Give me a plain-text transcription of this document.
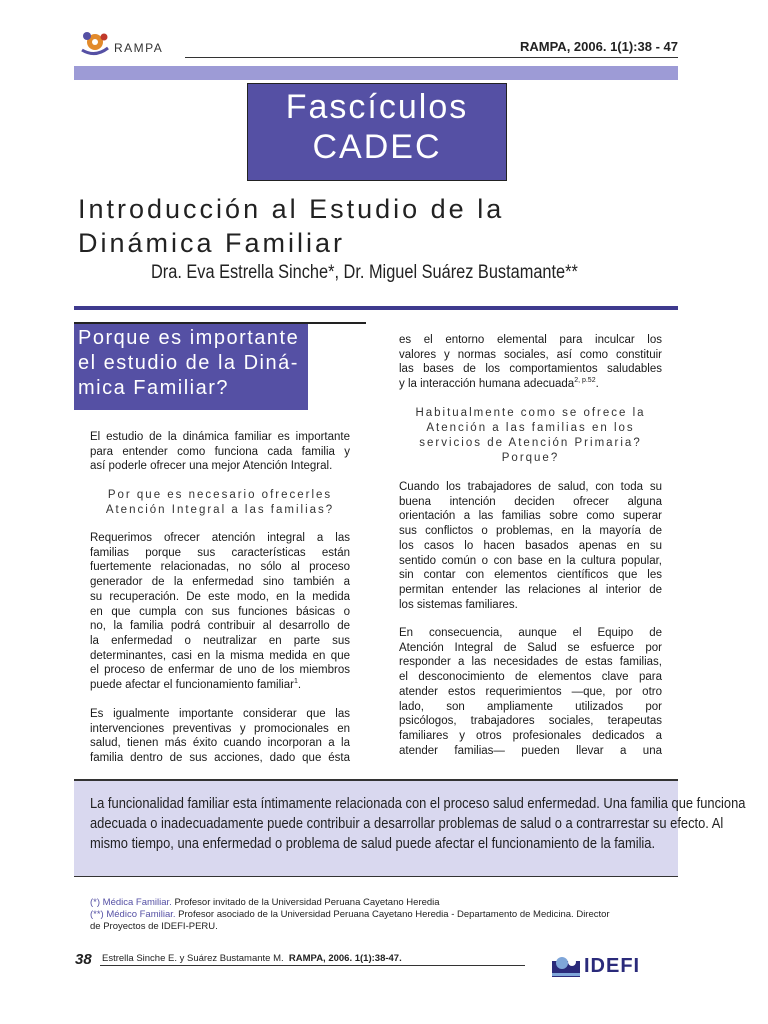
RAMPA	RAMPA, 2006. 1(1):38 - 47
Fascículos
CADEC
Introducción al Estudio de la
Dinámica Familiar
Dra. Eva Estrella Sinche*, Dr. Miguel Suárez Bustamante**
Porque es importante
el estudio de la Diná-
mica Familiar?
El estudio de la dinámica familiar es importante
para entender como funciona cada familia y
así poderle ofrecer una mejor Atención Integral.
Por que es necesario ofrecerles
Atención Integral a las familias?
Requerimos ofrecer atención integral a las
familias porque sus características están
fuertemente relacionadas, no sólo al proceso
generador de la enfermedad sino también a
su recuperación. De este modo, en la medida
en que cumpla con sus funciones básicas o
no, la familia podrá contribuir al desarrollo de
la enfermedad o neutralizar en parte sus
determinantes, casi en la misma medida en que
el proceso de enfermar de uno de los miembros
puede afectar el funcionamiento familiar$^1$.
Es igualmente importante considerar que las
intervenciones preventivas y promocionales en
salud, tienen más éxito cuando incorporan a la
familia dentro de sus acciones, dado que ésta
es el entorno elemental para inculcar los
valores y normas sociales, así como constituir
las bases de los comportamientos saludables
y la interacción humana adecuada$^{2, p.52}$.
Habitualmente como se ofrece la
Atención a las familias en los
servicios de Atención Primaria?
Porque?
Cuando los trabajadores de salud, con toda su
buena intención deciden ofrecer alguna
orientación a las familias sobre como superar
sus conflictos o problemas, en la mayoría de
los casos lo hacen basados apenas en su
sentido común o con base en la cultura popular,
sin contar con elementos científicos que les
permitan entender las relaciones al interior de
los sistemas familiares.
En consecuencia, aunque el Equipo de
Atención Integral de Salud se esfuerce por
responder a las necesidades de estas familias,
el desconocimiento de elementos clave para
atender estos requerimientos —que, por otro
lado, son ampliamente utilizados por
psicólogos, trabajadores sociales, terapeutas
familiares y otros profesionales dedicados a
atender familias— pueden llevar a una
La funcionalidad familiar esta íntimamente relacionada con el proceso salud enfermedad. Una familia que funciona
adecuada o inadecuadamente puede contribuir a desarrollar problemas de salud o a contrarrestar su efecto. Al
mismo tiempo, una enfermedad o problema de salud puede afectar el funcionamiento de la familia.
(*) Médica Familiar. Profesor invitado de la Universidad Peruana Cayetano Heredia
(**) Médico Familiar. Profesor asociado de la Universidad Peruana Cayetano Heredia - Departamento de Medicina. Director
de Proyectos de IDEFI-PERU.
38 Estrella Sinche E. y Suárez Bustamante M. RAMPA, 2006. 1(1):38-47.	IDEFI
